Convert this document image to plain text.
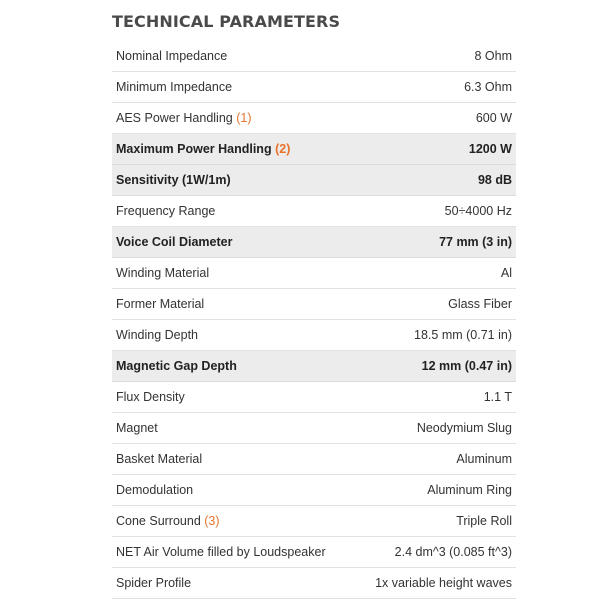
TECHNICAL PARAMETERS
Nominal Impedance	8 Ohm
Minimum Impedance	6.3 Ohm
AES Power Handling (1)	600 W
Maximum Power Handling (2)	1200 W
Sensitivity (1W/1m)	98 dB
Frequency Range	50÷4000 Hz
Voice Coil Diameter	77 mm (3 in)
Winding Material	Al
Former Material	Glass Fiber
Winding Depth	18.5 mm (0.71 in)
Magnetic Gap Depth	12 mm (0.47 in)
Flux Density	1.1 T
Magnet	Neodymium Slug
Basket Material	Aluminum
Demodulation	Aluminum Ring
Cone Surround (3)	Triple Roll
NET Air Volume filled by Loudspeaker	2.4 dm^3 (0.085 ft^3)
Spider Profile	1x variable height waves
